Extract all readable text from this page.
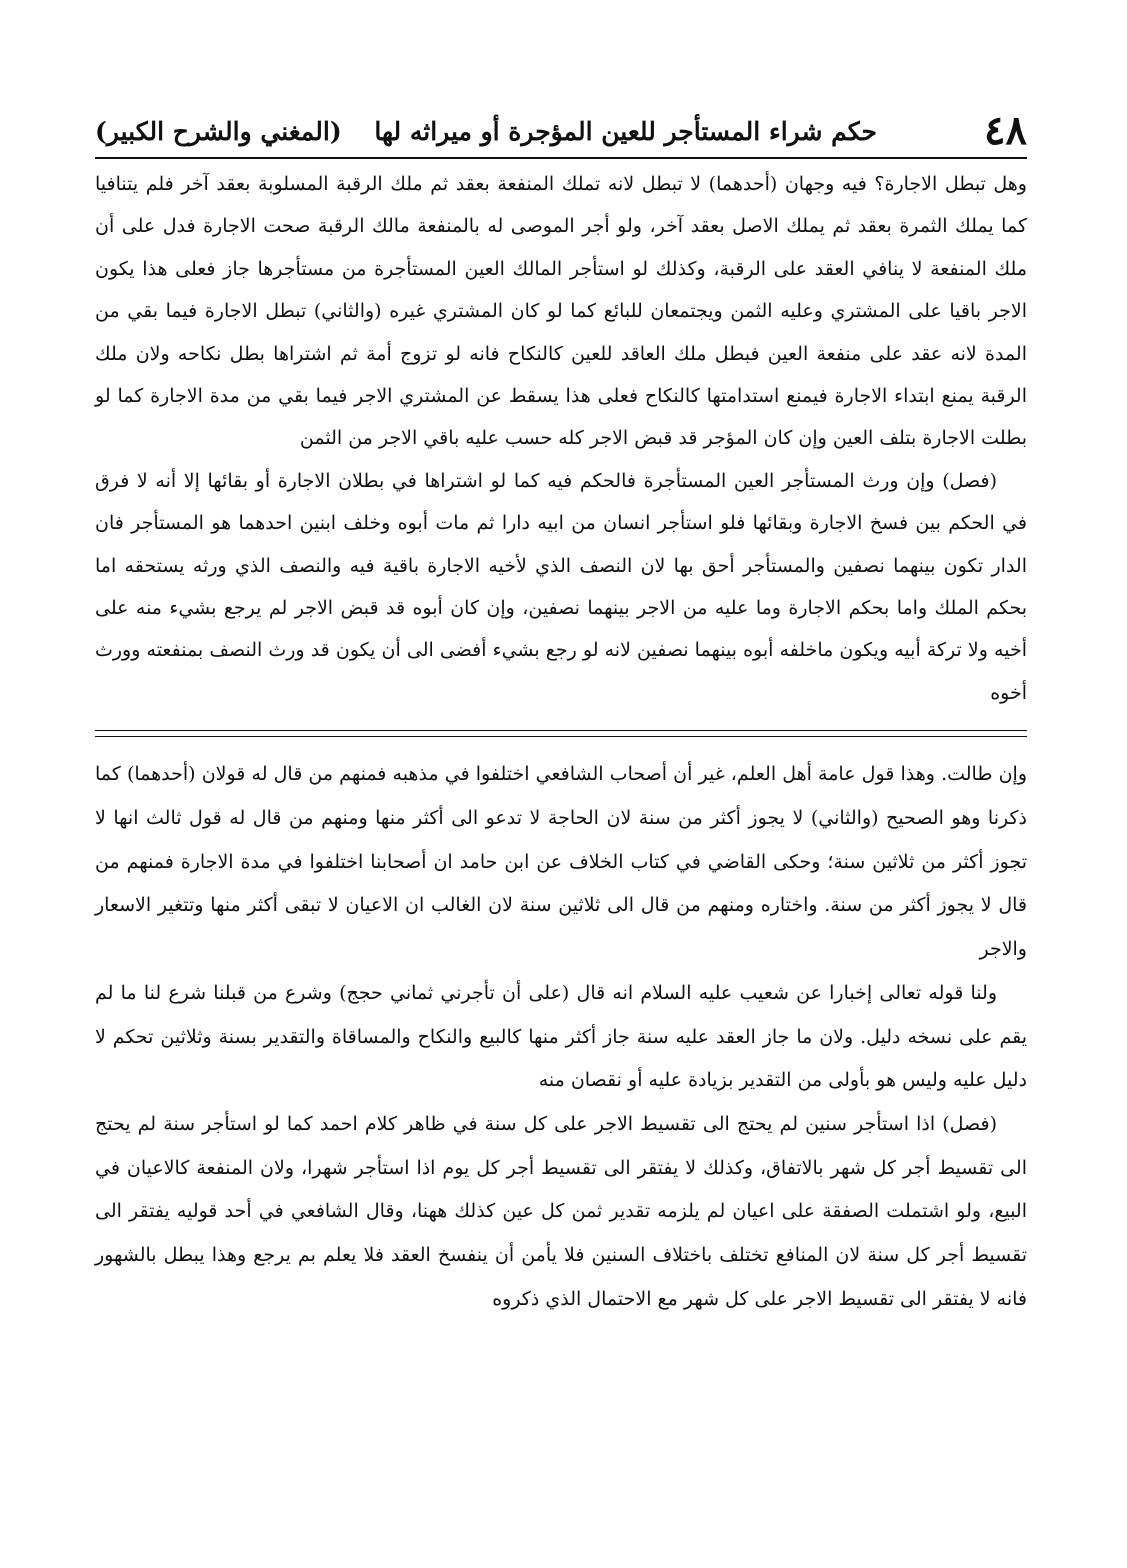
٤٨
حكم شراء المستأجر للعين المؤجرة أو ميراثه لها
(المغني والشرح الكبير)

وهل تبطل الاجارة؟ فيه وجهان (أحدهما) لا تبطل لانه تملك المنفعة بعقد ثم ملك الرقبة المسلوبة بعقد آخر فلم يتنافيا كما يملك الثمرة بعقد ثم يملك الاصل بعقد آخر، ولو أجر الموصى له بالمنفعة مالك الرقبة صحت الاجارة فدل على أن ملك المنفعة لا ينافي العقد على الرقبة، وكذلك لو استأجر المالك العين المستأجرة من مستأجرها جاز فعلى هذا يكون الاجر باقيا على المشتري وعليه الثمن ويجتمعان للبائع كما لو كان المشتري غيره (والثاني) تبطل الاجارة فيما بقي من المدة لانه عقد على منفعة العين فبطل ملك العاقد للعين كالنكاح فانه لو تزوج أمة ثم اشتراها بطل نكاحه ولان ملك الرقبة يمنع ابتداء الاجارة فيمنع استدامتها كالنكاح فعلى هذا يسقط عن المشتري الاجر فيما بقي من مدة الاجارة كما لو بطلت الاجارة بتلف العين وإن كان المؤجر قد قبض الاجر كله حسب عليه باقي الاجر من الثمن

(فصل) وإن ورث المستأجر العين المستأجرة فالحكم فيه كما لو اشتراها في بطلان الاجارة أو بقائها إلا أنه لا فرق في الحكم بين فسخ الاجارة وبقائها فلو استأجر انسان من ابيه دارا ثم مات أبوه وخلف ابنين احدهما هو المستأجر فان الدار تكون بينهما نصفين والمستأجر أحق بها لان النصف الذي لأخيه الاجارة باقية فيه والنصف الذي ورثه يستحقه اما بحكم الملك واما بحكم الاجارة وما عليه من الاجر بينهما نصفين، وإن كان أبوه قد قبض الاجر لم يرجع بشيء منه على أخيه ولا تركة أبيه ويكون ماخلفه أبوه بينهما نصفين لانه لو رجع بشيء أفضى الى أن يكون قد ورث النصف بمنفعته وورث أخوه

وإن طالت. وهذا قول عامة أهل العلم، غير أن أصحاب الشافعي اختلفوا في مذهبه فمنهم من قال له قولان (أحدهما) كما ذكرنا وهو الصحيح (والثاني) لا يجوز أكثر من سنة لان الحاجة لا تدعو الى أكثر منها ومنهم من قال له قول ثالث انها لا تجوز أكثر من ثلاثين سنة؛ وحكى القاضي في كتاب الخلاف عن ابن حامد ان أصحابنا اختلفوا في مدة الاجارة فمنهم من قال لا يجوز أكثر من سنة. واختاره ومنهم من قال الى ثلاثين سنة لان الغالب ان الاعيان لا تبقى أكثر منها وتتغير الاسعار والاجر

ولنا قوله تعالى إخبارا عن شعيب عليه السلام انه قال (على أن تأجرني ثماني حجج) وشرع من قبلنا شرع لنا ما لم يقم على نسخه دليل. ولان ما جاز العقد عليه سنة جاز أكثر منها كالبيع والنكاح والمساقاة والتقدير بسنة وثلاثين تحكم لا دليل عليه وليس هو بأولى من التقدير بزيادة عليه أو نقصان منه

(فصل) اذا استأجر سنين لم يحتج الى تقسيط الاجر على كل سنة في ظاهر كلام احمد كما لو استأجر سنة لم يحتج الى تقسيط أجر كل شهر بالاتفاق، وكذلك لا يفتقر الى تقسيط أجر كل يوم اذا استأجر شهرا، ولان المنفعة كالاعيان في البيع، ولو اشتملت الصفقة على اعيان لم يلزمه تقدير ثمن كل عين كذلك ههنا، وقال الشافعي في أحد قوليه يفتقر الى تقسيط أجر كل سنة لان المنافع تختلف باختلاف السنين فلا يأمن أن ينفسخ العقد فلا يعلم بم يرجع وهذا يبطل بالشهور فانه لا يفتقر الى تقسيط الاجر على كل شهر مع الاحتمال الذي ذكروه
